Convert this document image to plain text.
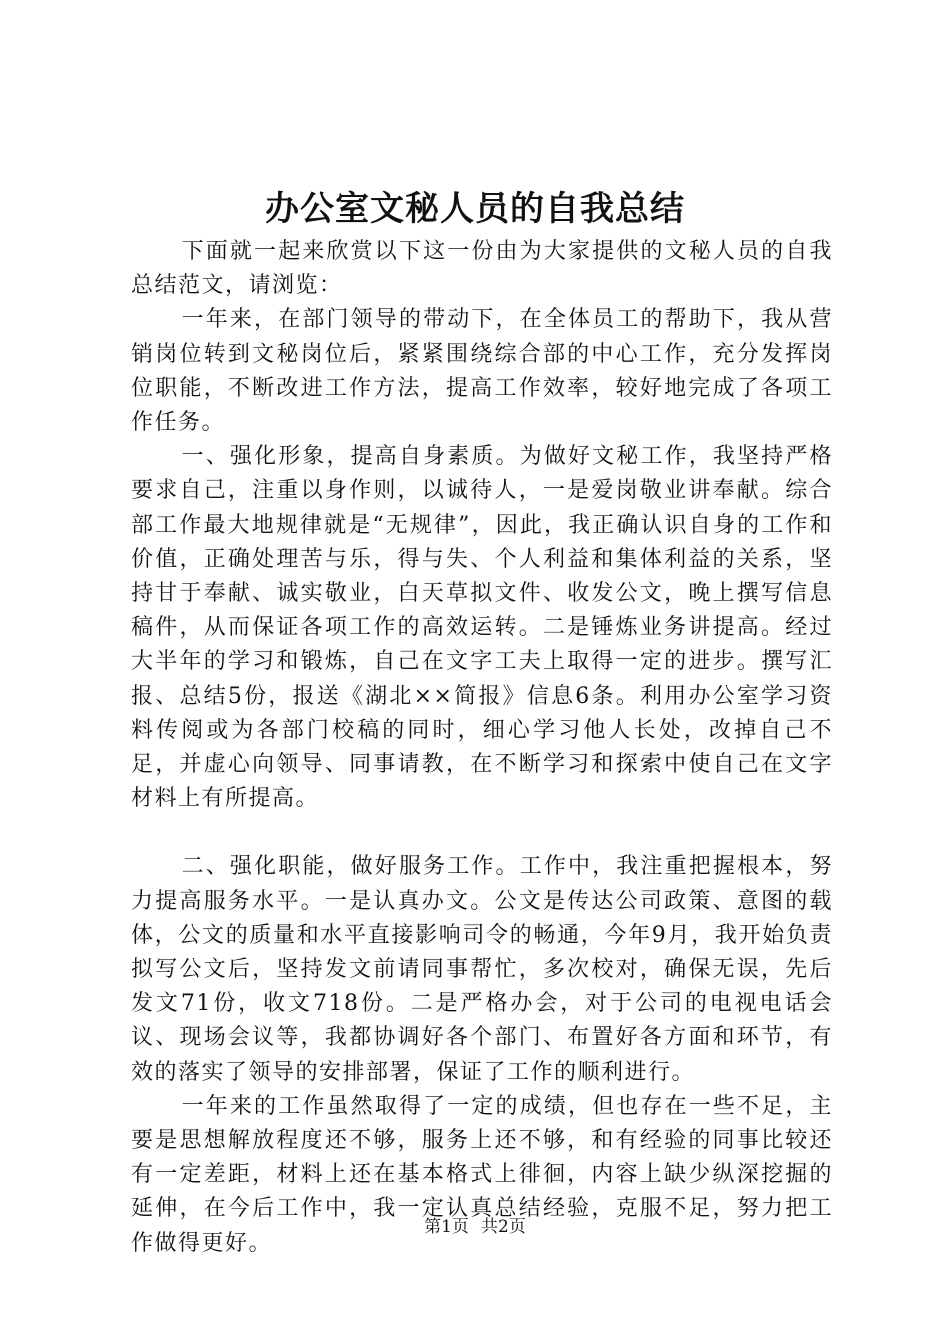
办公室文秘人员的自我总结

下面就一起来欣赏以下这一份由为大家提供的文秘人员的自我总结范文，请浏览：

一年来，在部门领导的带动下，在全体员工的帮助下，我从营销岗位转到文秘岗位后，紧紧围绕综合部的中心工作，充分发挥岗位职能，不断改进工作方法，提高工作效率，较好地完成了各项工作任务。

一、强化形象，提高自身素质。为做好文秘工作，我坚持严格要求自己，注重以身作则，以诚待人，一是爱岗敬业讲奉献。综合部工作最大地规律就是“无规律”，因此，我正确认识自身的工作和价值，正确处理苦与乐，得与失、个人利益和集体利益的关系，坚持甘于奉献、诚实敬业，白天草拟文件、收发公文，晚上撰写信息稿件，从而保证各项工作的高效运转。二是锤炼业务讲提高。经过大半年的学习和锻炼，自己在文字工夫上取得一定的进步。撰写汇报、总结5份，报送《湖北××简报》信息6条。利用办公室学习资料传阅或为各部门校稿的同时，细心学习他人长处，改掉自己不足，并虚心向领导、同事请教，在不断学习和探索中使自己在文字材料上有所提高。

二、强化职能，做好服务工作。工作中，我注重把握根本，努力提高服务水平。一是认真办文。公文是传达公司政策、意图的载体，公文的质量和水平直接影响司令的畅通，今年9月，我开始负责拟写公文后，坚持发文前请同事帮忙，多次校对，确保无误，先后发文71份，收文718份。二是严格办会，对于公司的电视电话会议、现场会议等，我都协调好各个部门、布置好各方面和环节，有效的落实了领导的安排部署，保证了工作的顺利进行。

一年来的工作虽然取得了一定的成绩，但也存在一些不足，主要是思想解放程度还不够，服务上还不够，和有经验的同事比较还有一定差距，材料上还在基本格式上徘徊，内容上缺少纵深挖掘的延伸，在今后工作中，我一定认真总结经验，克服不足，努力把工作做得更好。

第1页 共2页
